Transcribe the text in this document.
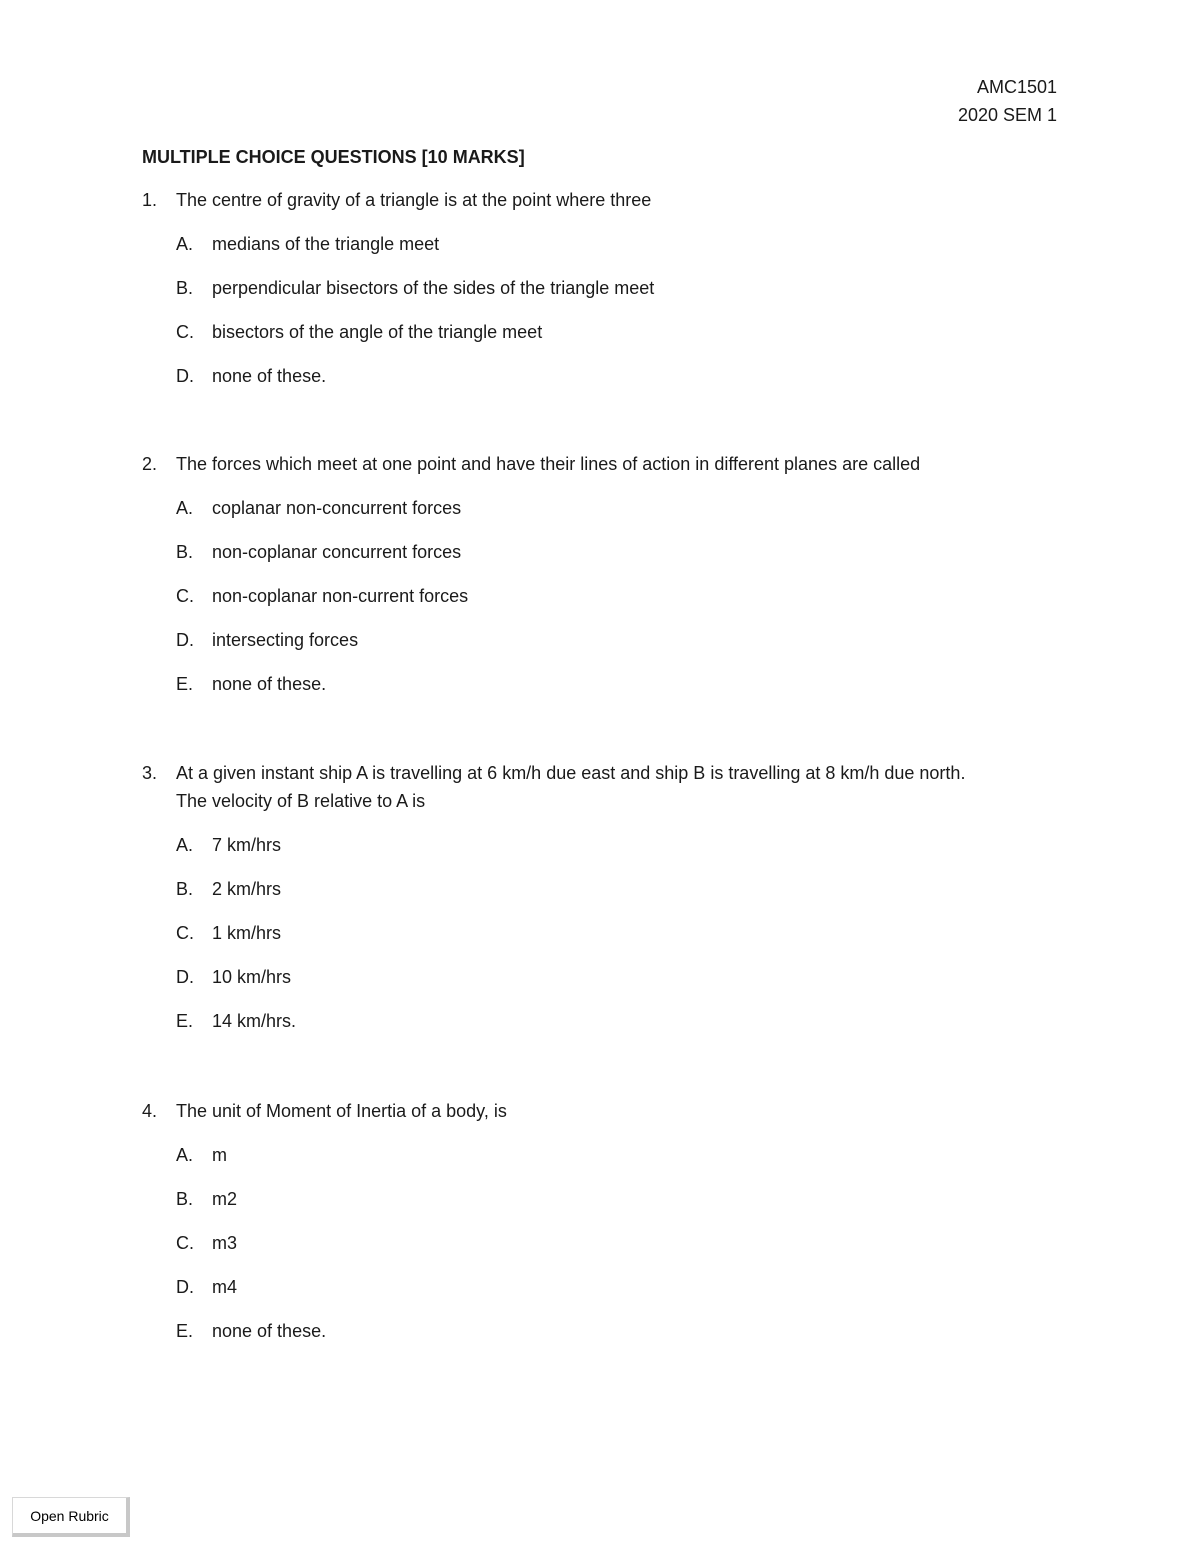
AMC1501
2020 SEM 1
MULTIPLE CHOICE QUESTIONS [10 MARKS]
1.	The centre of gravity of a triangle is at the point where three
A.	medians of the triangle meet
B.	perpendicular bisectors of the sides of the triangle meet
C.	bisectors of the angle of the triangle meet
D.	none of these.
2.	The forces which meet at one point and have their lines of action in different planes are called
A.	coplanar non-concurrent forces
B.	non-coplanar concurrent forces
C.	non-coplanar non-current forces
D.	intersecting forces
E.	none of these.
3.	At a given instant ship A is travelling at 6 km/h due east and ship B is travelling at 8 km/h due north.
The velocity of B relative to A is
A.	7 km/hrs
B.	2 km/hrs
C.	1 km/hrs
D.	10 km/hrs
E.	14 km/hrs.
4.	The unit of Moment of Inertia of a body, is
A.	m
B.	m2
C.	m3
D.	m4
E.	none of these.
Open Rubric
